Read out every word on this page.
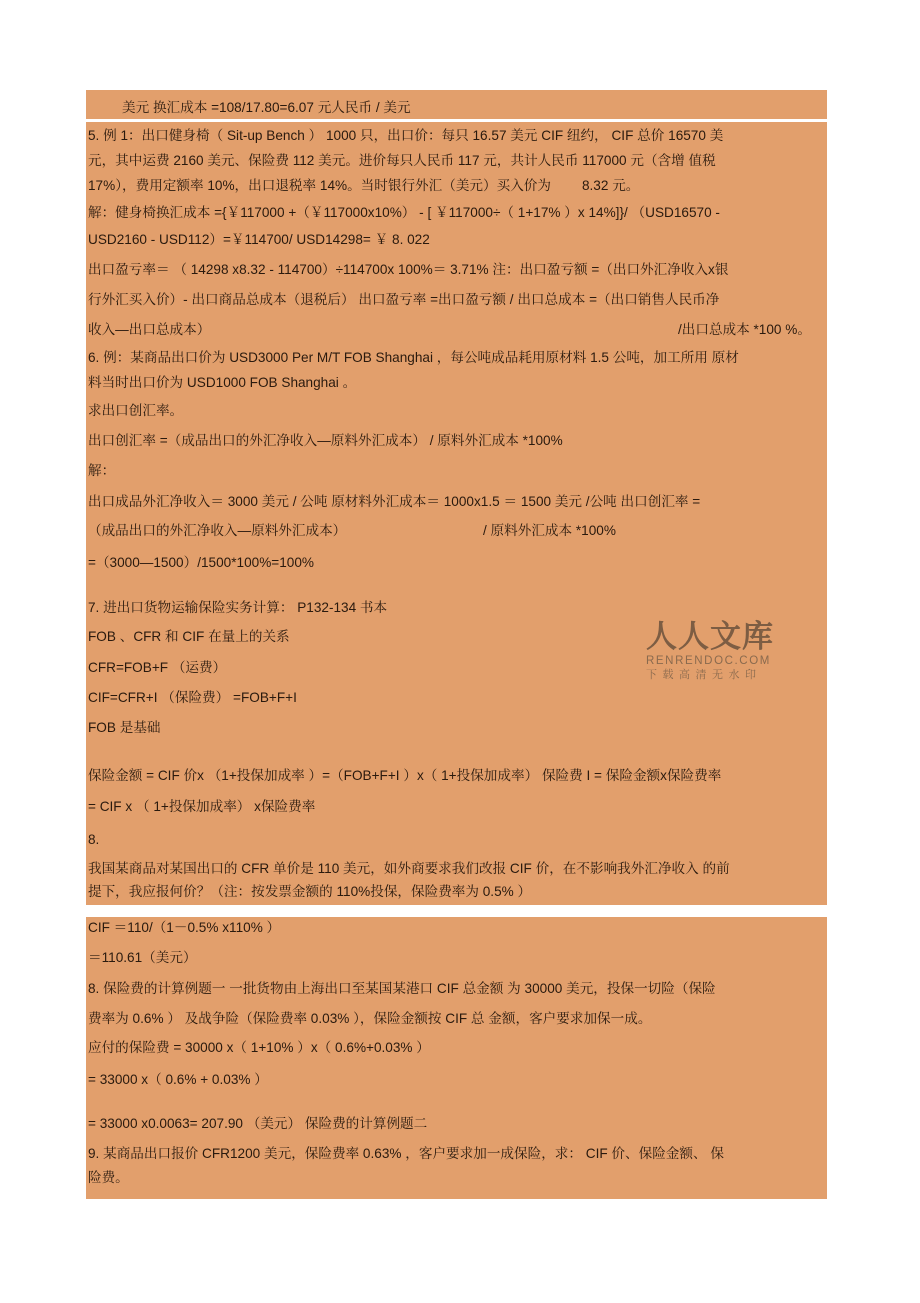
美元 换汇成本 =108/17.80=6.07 元人民币 / 美元
5. 例 1：出口健身椅（ Sit-up Bench ） 1000 只，出口价：每只 16.57 美元 CIF 纽约， CIF 总价 16570 美
元，其中运费 2160 美元、保险费 112 美元。进价每只人民币 117 元，共计人民币 117000 元（含增 值税
17%），费用定额率 10%，出口退税率 14%。当时银行外汇（美元）买入价为 　　8.32 元。
解：健身椅换汇成本 ={￥117000 +（￥117000x10%） - [ ￥117000÷（ 1+17% ）x 14%]}/ （USD16570 -
USD2160 - USD112）=￥114700/ USD14298= ￥ 8. 022
出口盈亏率＝ （ 14298 x8.32 - 114700）÷114700x 100%＝ 3.71% 注：出口盈亏额 =（出口外汇净收入x银
行外汇买入价）- 出口商品总成本（退税后） 出口盈亏率 =出口盈亏额 / 出口总成本 =（出口销售人民币净
收入—出口总成本）	/出口总成本 *100 %。
6. 例：某商品出口价为 USD3000 Per M/T FOB Shanghai ，每公吨成品耗用原材料 1.5 公吨，加工所用 原材
料当时出口价为 USD1000 FOB Shanghai 。
求出口创汇率。
出口创汇率 =（成品出口的外汇净收入—原料外汇成本） / 原料外汇成本 *100%
解：
出口成品外汇净收入＝ 3000 美元 / 公吨 原材料外汇成本＝ 1000x1.5 ＝ 1500 美元 /公吨 出口创汇率 =
（成品出口的外汇净收入—原料外汇成本）	/ 原料外汇成本 *100%
=（3000—1500）/1500*100%=100%
7. 进出口货物运输保险实务计算： P132-134 书本
FOB 、CFR 和 CIF 在量上的关系
CFR=FOB+F （运费）
CIF=CFR+I （保险费） =FOB+F+I
FOB 是基础
保险金额 = CIF 价x （1+投保加成率 ）=（FOB+F+I ）x（ 1+投保加成率） 保险费 I = 保险金额x保险费率
= CIF x （ 1+投保加成率） x保险费率
8.
我国某商品对某国出口的 CFR 单价是 110 美元，如外商要求我们改报 CIF 价，在不影响我外汇净收入 的前
提下，我应报何价？（注：按发票金额的 110%投保，保险费率为 0.5% ）
CIF ＝110/（1－0.5% x110% ）
＝110.61（美元）
8. 保险费的计算例题一 一批货物由上海出口至某国某港口 CIF 总金额 为 30000 美元，投保一切险（保险
费率为 0.6% ） 及战争险（保险费率 0.03% ），保险金额按 CIF 总 金额，客户要求加保一成。
应付的保险费 = 30000 x（ 1+10% ）x（ 0.6%+0.03% ）
= 33000 x（ 0.6% + 0.03% ）
= 33000 x0.0063= 207.90 （美元） 保险费的计算例题二
9. 某商品出口报价 CFR1200 美元，保险费率 0.63% ，客户要求加一成保险，求： CIF 价、保险金额、 保
险费。
人人文库
RENRENDOC.COM
下载高清无水印
